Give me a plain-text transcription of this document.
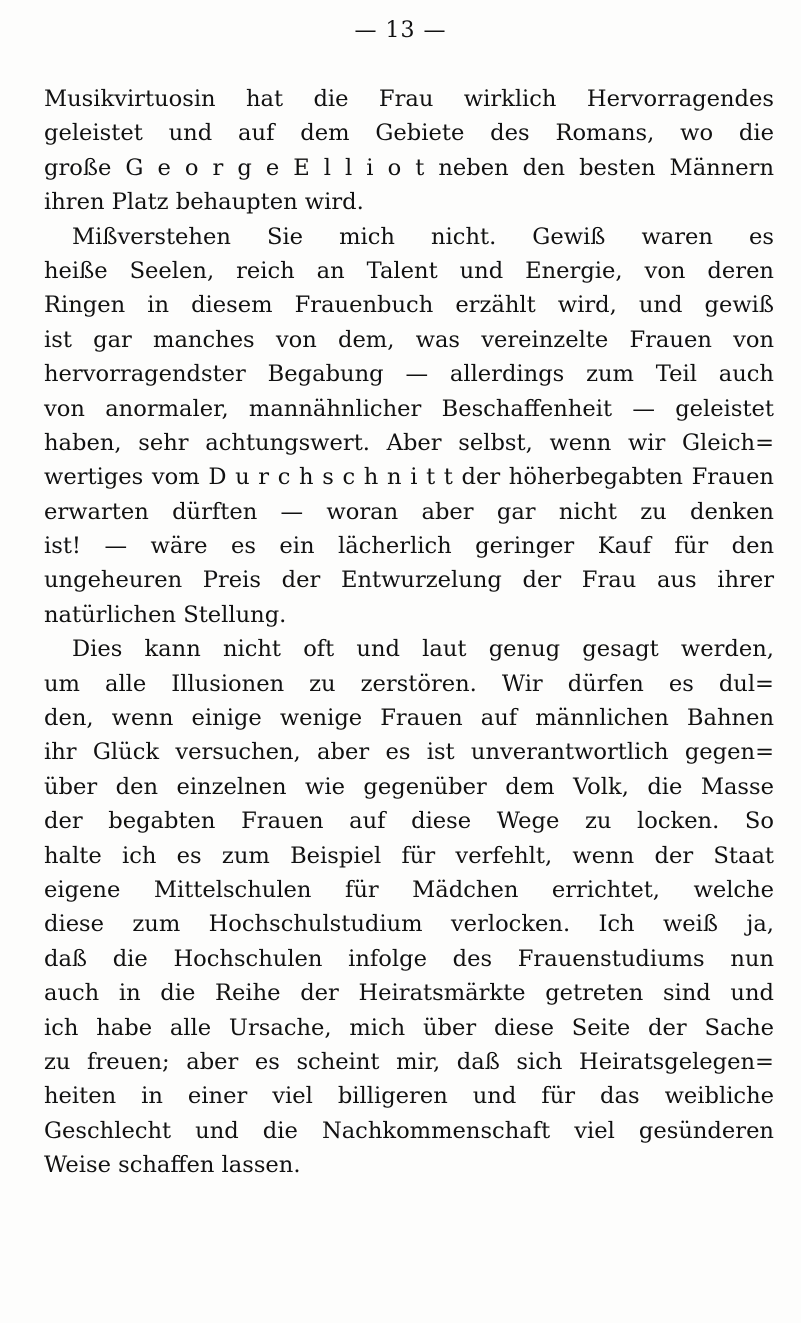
— 13 —
Musikvirtuosin hat die Frau wirklich Hervorragendes
geleistet und auf dem Gebiete des Romans, wo die
große G e o r g e E l l i o t neben den besten Männern
ihren Platz behaupten wird.
Mißverstehen Sie mich nicht. Gewiß waren es
heiße Seelen, reich an Talent und Energie, von deren
Ringen in diesem Frauenbuch erzählt wird, und gewiß
ist gar manches von dem, was vereinzelte Frauen von
hervorragendster Begabung — allerdings zum Teil auch
von anormaler, mannähnlicher Beschaffenheit — geleistet
haben, sehr achtungswert. Aber selbst, wenn wir Gleich=
wertiges vom D u r c h s c h n i t t der höherbegabten Frauen
erwarten dürften — woran aber gar nicht zu denken
ist! — wäre es ein lächerlich geringer Kauf für den
ungeheuren Preis der Entwurzelung der Frau aus ihrer
natürlichen Stellung.
Dies kann nicht oft und laut genug gesagt werden,
um alle Illusionen zu zerstören. Wir dürfen es dul=
den, wenn einige wenige Frauen auf männlichen Bahnen
ihr Glück versuchen, aber es ist unverantwortlich gegen=
über den einzelnen wie gegenüber dem Volk, die Masse
der begabten Frauen auf diese Wege zu locken. So
halte ich es zum Beispiel für verfehlt, wenn der Staat
eigene Mittelschulen für Mädchen errichtet, welche
diese zum Hochschulstudium verlocken. Ich weiß ja,
daß die Hochschulen infolge des Frauenstudiums nun
auch in die Reihe der Heiratsmärkte getreten sind und
ich habe alle Ursache, mich über diese Seite der Sache
zu freuen; aber es scheint mir, daß sich Heiratsgelegen=
heiten in einer viel billigeren und für das weibliche
Geschlecht und die Nachkommenschaft viel gesünderen
Weise schaffen lassen.
